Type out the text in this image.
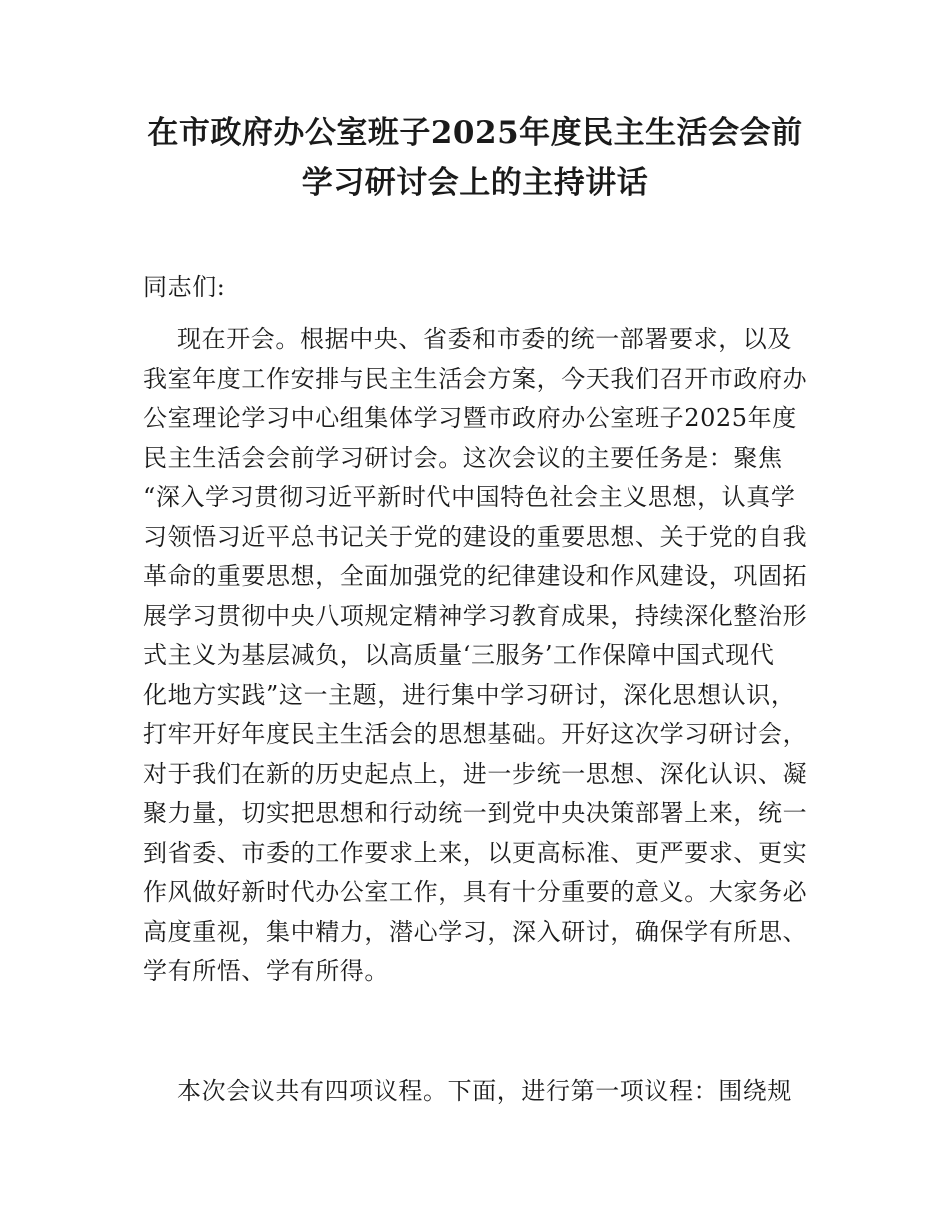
在市政府办公室班子2025年度民主生活会会前
学习研讨会上的主持讲话
同志们:
现在开会。根据中央、省委和市委的统一部署要求，以及
我室年度工作安排与民主生活会方案，今天我们召开市政府办
公室理论学习中心组集体学习暨市政府办公室班子2025年度
民主生活会会前学习研讨会。这次会议的主要任务是：聚焦
“深入学习贯彻习近平新时代中国特色社会主义思想，认真学
习领悟习近平总书记关于党的建设的重要思想、关于党的自我
革命的重要思想，全面加强党的纪律建设和作风建设，巩固拓
展学习贯彻中央八项规定精神学习教育成果，持续深化整治形
式主义为基层减负，以高质量‘三服务’工作保障中国式现代
化地方实践”这一主题，进行集中学习研讨，深化思想认识，
打牢开好年度民主生活会的思想基础。开好这次学习研讨会，
对于我们在新的历史起点上，进一步统一思想、深化认识、凝
聚力量，切实把思想和行动统一到党中央决策部署上来，统一
到省委、市委的工作要求上来，以更高标准、更严要求、更实
作风做好新时代办公室工作，具有十分重要的意义。大家务必
高度重视，集中精力，潜心学习，深入研讨，确保学有所思、
学有所悟、学有所得。
本次会议共有四项议程。下面，进行第一项议程：围绕规
